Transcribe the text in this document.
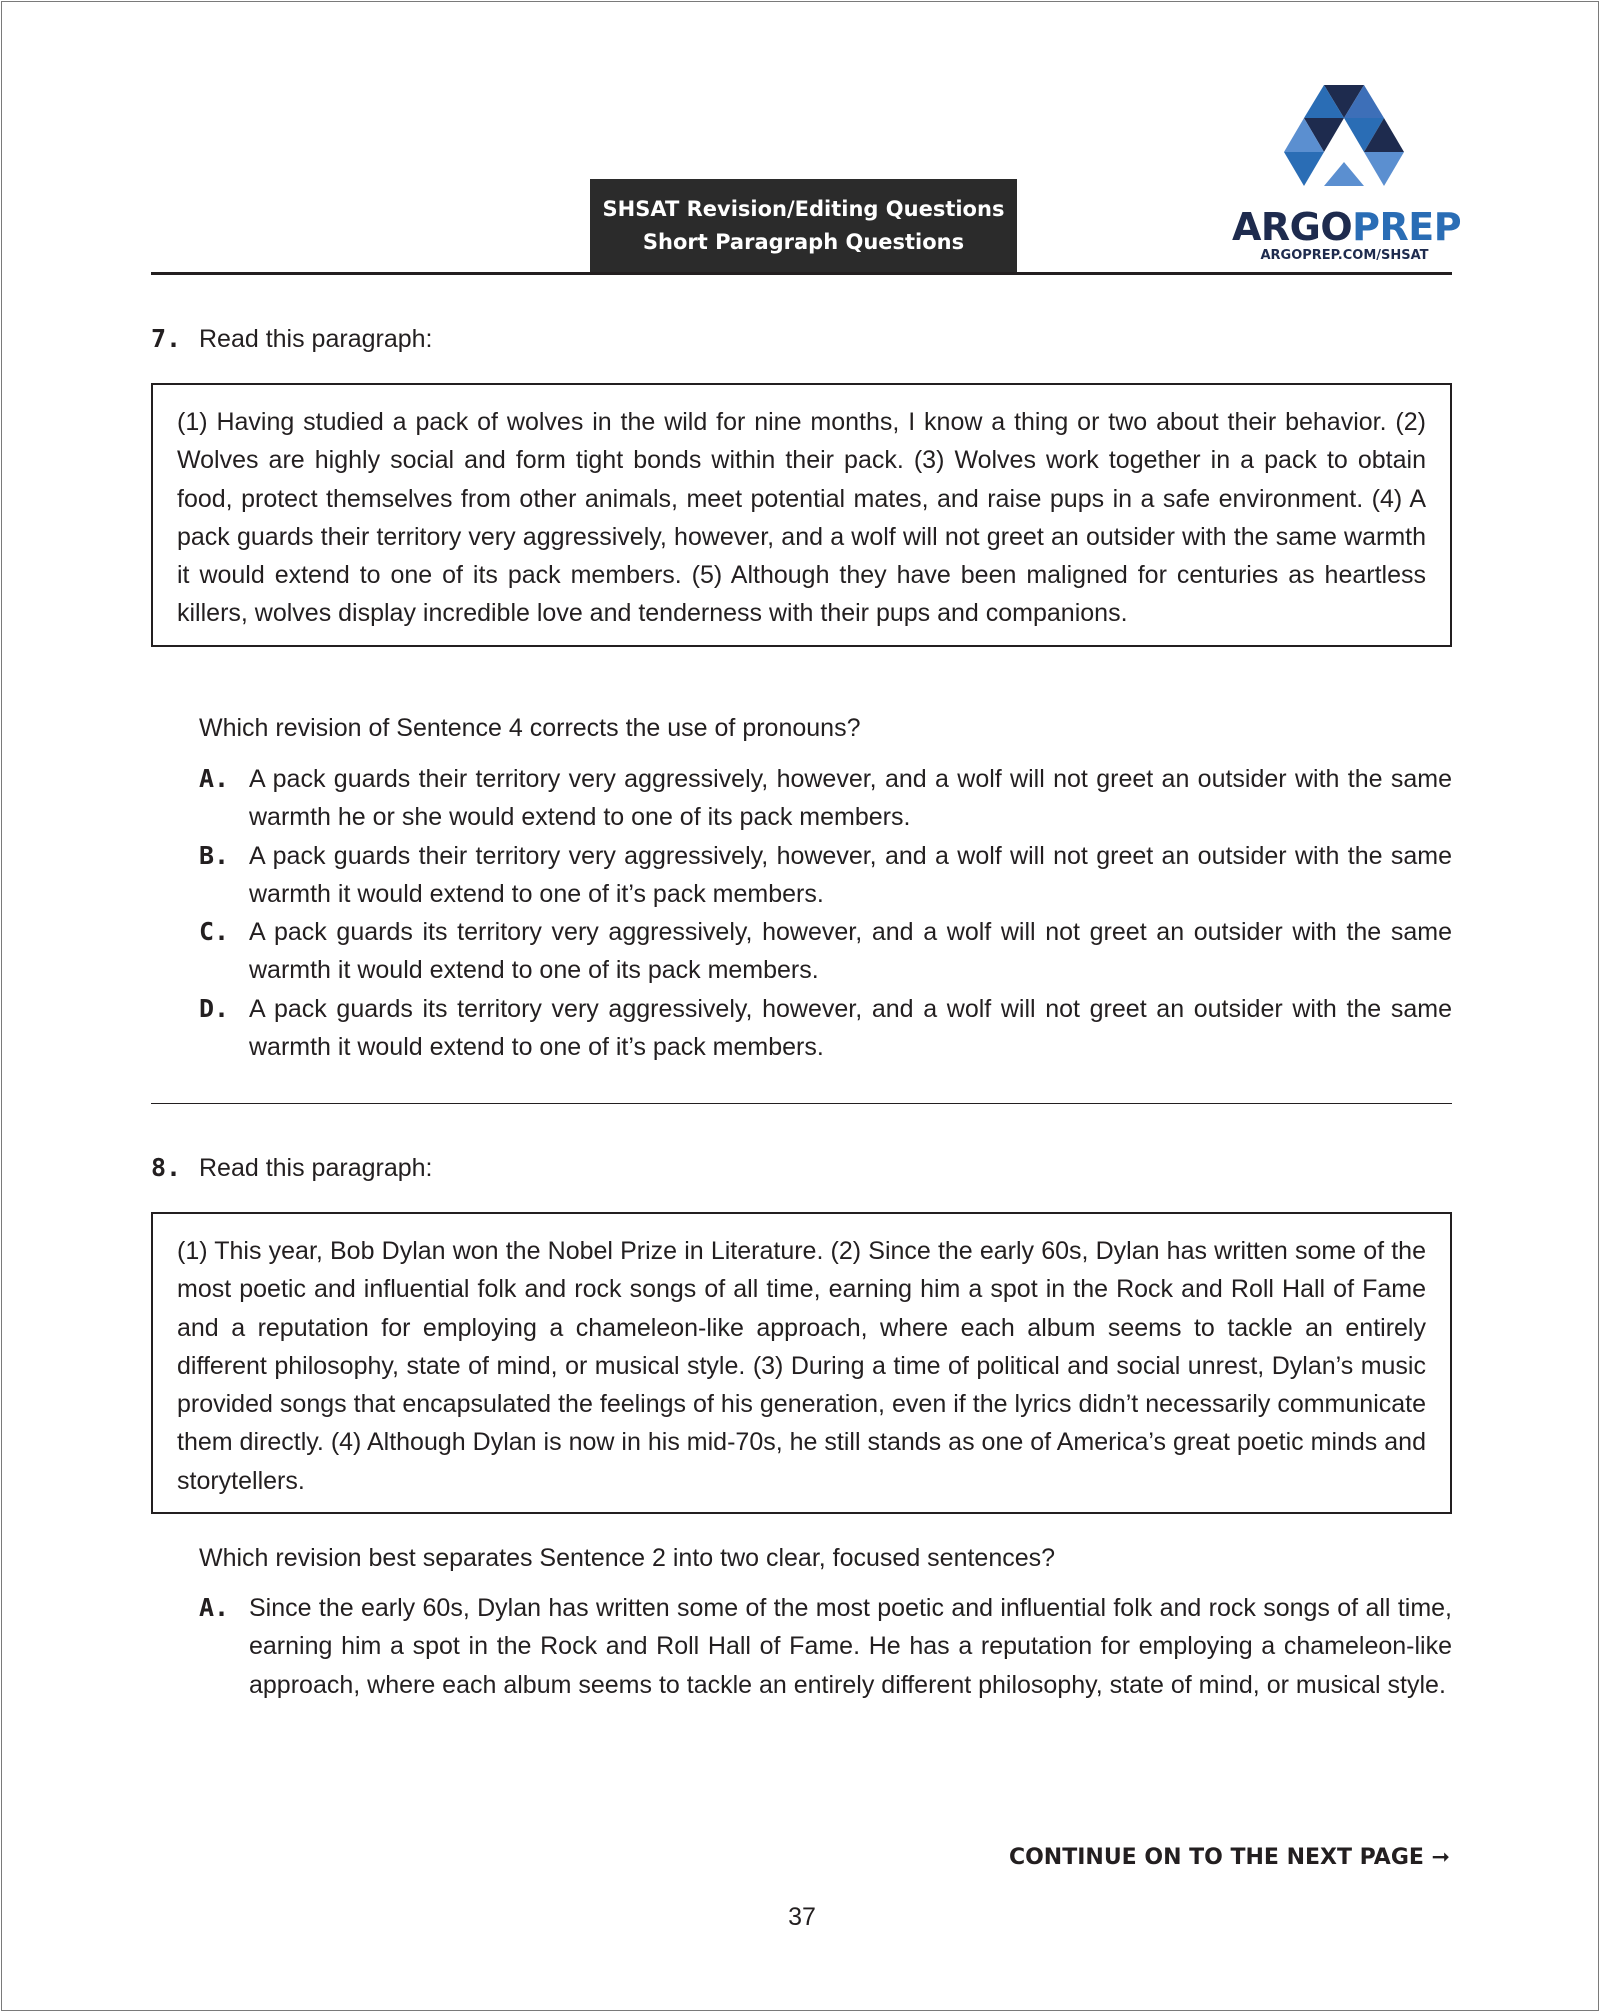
SHSAT Revision/Editing Questions
Short Paragraph Questions	ARGOPREP
ARGOPREP.COM/SHSAT
7. Read this paragraph:
(1) Having studied a pack of wolves in the wild for nine months, I know a thing or two about their behavior. (2) Wolves are highly social and form tight bonds within their pack. (3) Wolves work together in a pack to obtain food, protect themselves from other animals, meet potential mates, and raise pups in a safe environment. (4) A pack guards their territory very aggressively, however, and a wolf will not greet an outsider with the same warmth it would extend to one of its pack members. (5) Although they have been maligned for centuries as heartless killers, wolves display incredible love and tenderness with their pups and companions.
Which revision of Sentence 4 corrects the use of pronouns?
A. A pack guards their territory very aggressively, however, and a wolf will not greet an outsider with the same warmth he or she would extend to one of its pack members.
B. A pack guards their territory very aggressively, however, and a wolf will not greet an outsider with the same warmth it would extend to one of it’s pack members.
C. A pack guards its territory very aggressively, however, and a wolf will not greet an outsider with the same warmth it would extend to one of its pack members.
D. A pack guards its territory very aggressively, however, and a wolf will not greet an outsider with the same warmth it would extend to one of it’s pack members.
8. Read this paragraph:
(1) This year, Bob Dylan won the Nobel Prize in Literature. (2) Since the early 60s, Dylan has written some of the most poetic and influential folk and rock songs of all time, earning him a spot in the Rock and Roll Hall of Fame and a reputation for employing a chameleon-like approach, where each album seems to tackle an entirely different philosophy, state of mind, or musical style. (3) During a time of political and social unrest, Dylan’s music provided songs that encapsulated the feelings of his generation, even if the lyrics didn’t necessarily communicate them directly. (4) Although Dylan is now in his mid-70s, he still stands as one of America’s great poetic minds and storytellers.
Which revision best separates Sentence 2 into two clear, focused sentences?
A. Since the early 60s, Dylan has written some of the most poetic and influential folk and rock songs of all time, earning him a spot in the Rock and Roll Hall of Fame. He has a reputation for employing a chameleon-like approach, where each album seems to tackle an entirely different philosophy, state of mind, or musical style.
CONTINUE ON TO THE NEXT PAGE ➞
37
